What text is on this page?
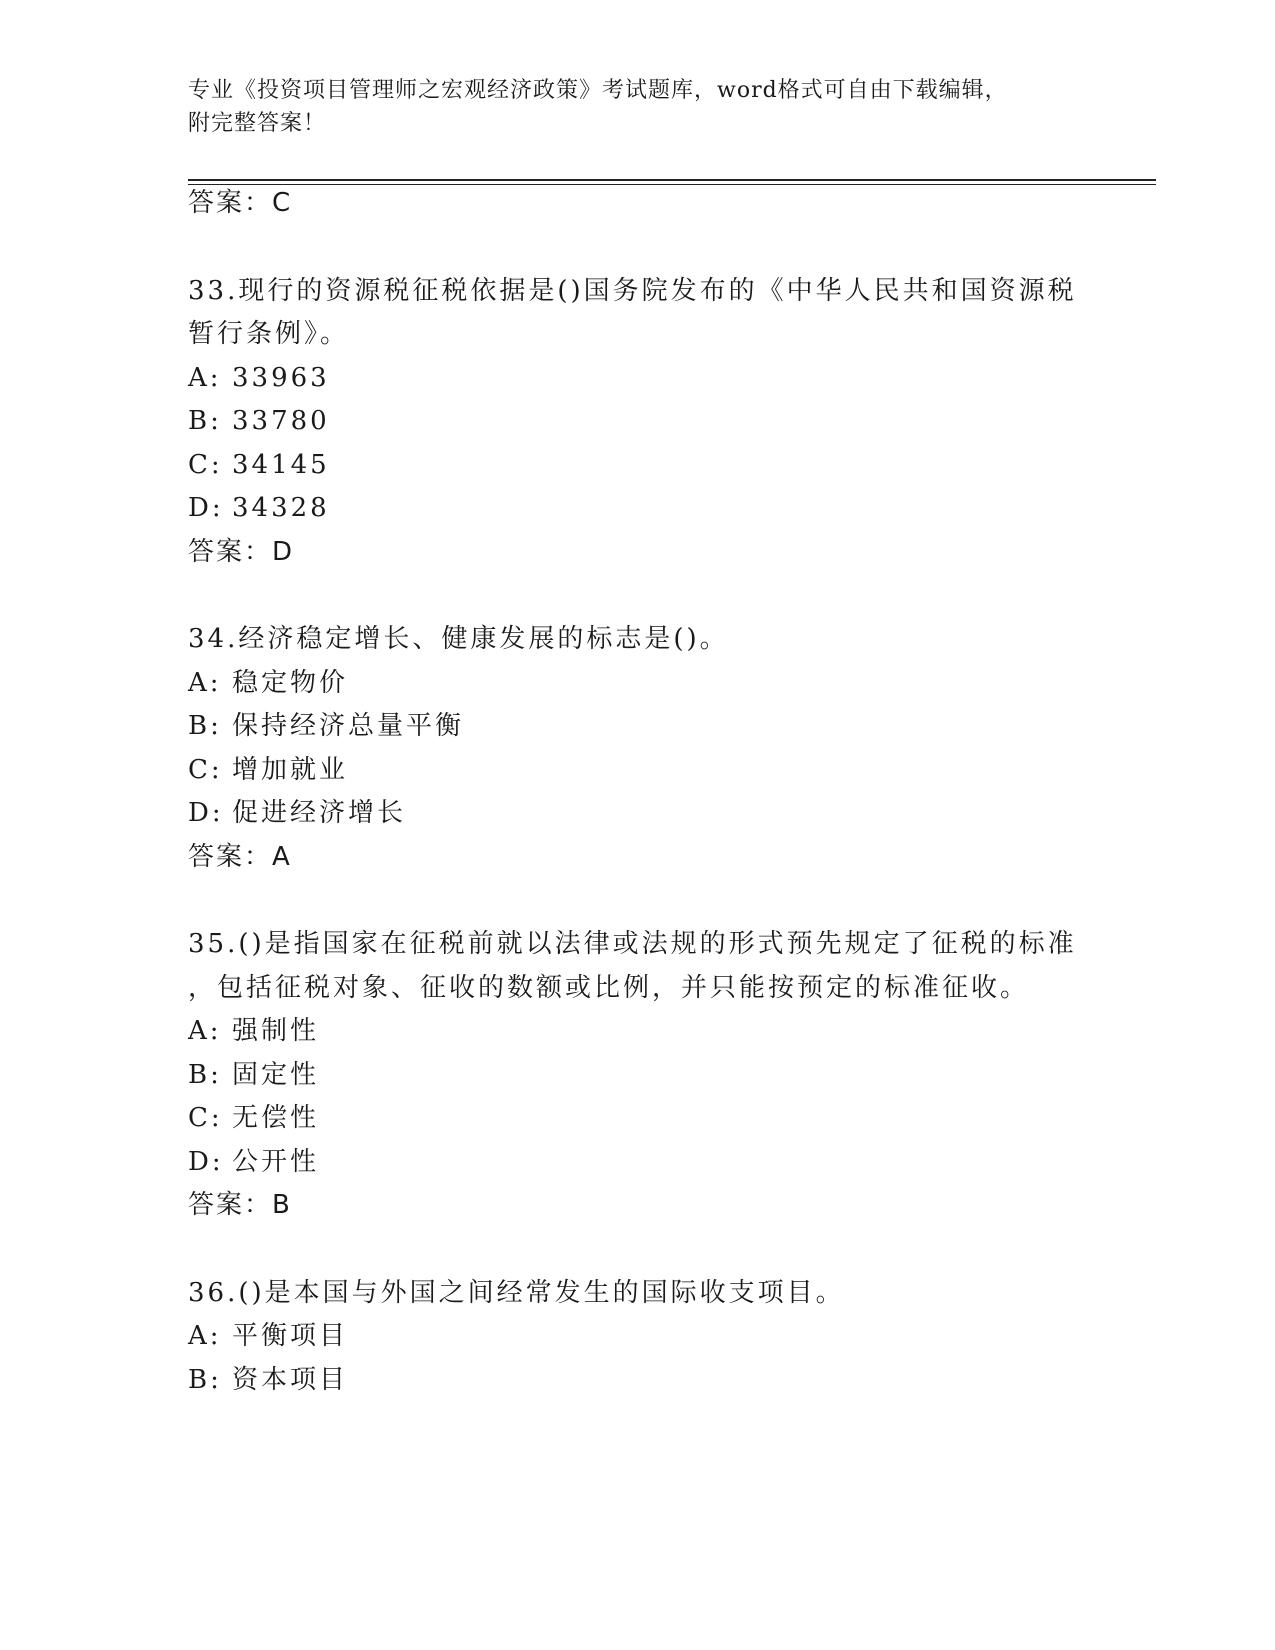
专业《投资项目管理师之宏观经济政策》考试题库，word格式可自由下载编辑，
附完整答案！
答案：C
33.现行的资源税征税依据是()国务院发布的《中华人民共和国资源税
暂行条例》。
A: 33963
B: 33780
C: 34145
D: 34328
答案：D
34.经济稳定增长、健康发展的标志是()。
A: 稳定物价
B: 保持经济总量平衡
C: 增加就业
D: 促进经济增长
答案：A
35.()是指国家在征税前就以法律或法规的形式预先规定了征税的标准
，包括征税对象、征收的数额或比例，并只能按预定的标准征收。
A: 强制性
B: 固定性
C: 无偿性
D: 公开性
答案：B
36.()是本国与外国之间经常发生的国际收支项目。
A: 平衡项目
B: 资本项目
